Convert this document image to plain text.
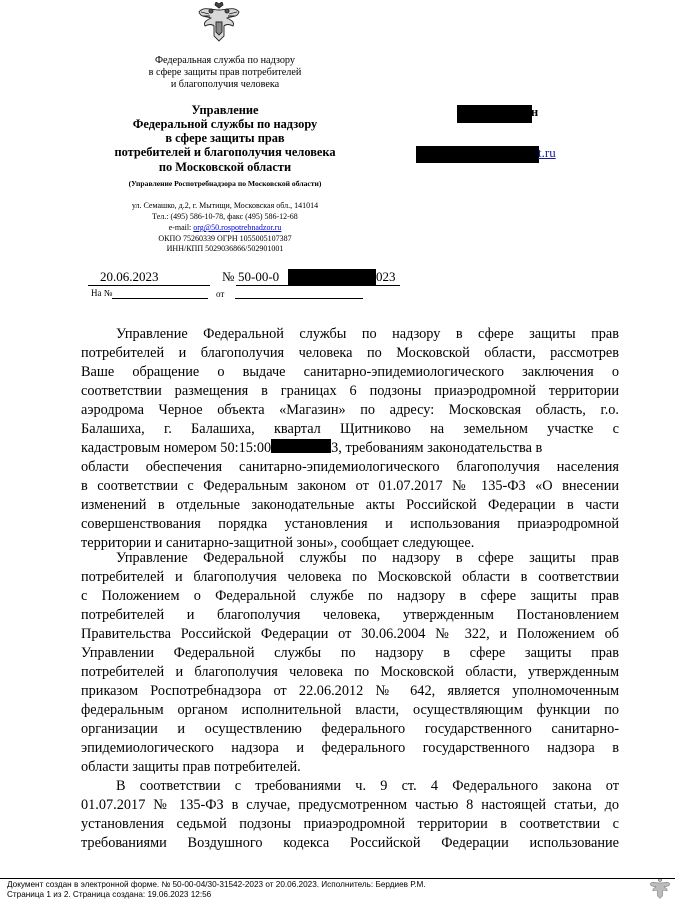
Федеральная служба по надзору
в сфере защиты прав потребителей
и благополучия человека
Управление
Федеральной службы по надзору
в сфере защиты прав
потребителей и благополучия человека
по Московской области
(Управление Роспотребнадзора по Московской области)
ул. Семашко, д.2, г. Мытищи, Московская обл., 141014
Тел.: (495) 586-10-78, факс (495) 586-12-68
e-mail: org@50.rospotrebnadzor.ru
ОКПО 75260339 ОГРН 1055005107387
ИНН/КПП 5029036866/502901001
н
t.ru
20.06.2023	№ 50-00-0	023
На №	от
Управление Федеральной службы по надзору в сфере защиты прав
потребителей и благополучия человека по Московской области, рассмотрев
Ваше обращение о выдаче санитарно-эпидемиологического заключения о
соответствии размещения в границах 6 подзоны приаэродромной территории
аэродрома Черное объекта «Магазин» по адресу: Московская область, г.о.
Балашиха, г. Балашиха, квартал Щитниково на земельном участке с
кадастровым номером 50:15:00	3, требованиям законодательства в
области обеспечения санитарно-эпидемиологического благополучия населения
в соответствии с Федеральным законом от 01.07.2017 № 135-ФЗ «О внесении
изменений в отдельные законодательные акты Российской Федерации в части
совершенствования порядка установления и использования приаэродромной
территории и санитарно-защитной зоны», сообщает следующее.
Управление Федеральной службы по надзору в сфере защиты прав
потребителей и благополучия человека по Московской области в соответствии
с Положением о Федеральной службе по надзору в сфере защиты прав
потребителей и благополучия человека, утвержденным Постановлением
Правительства Российской Федерации от 30.06.2004 № 322, и Положением об
Управлении Федеральной службы по надзору в сфере защиты прав
потребителей и благополучия человека по Московской области, утвержденным
приказом Роспотребнадзора от 22.06.2012 № 642, является уполномоченным
федеральным органом исполнительной власти, осуществляющим функции по
организации и осуществлению федерального государственного санитарно-
эпидемиологического надзора и федерального государственного надзора в
области защиты прав потребителей.
В соответствии с требованиями ч. 9 ст. 4 Федерального закона от
01.07.2017 № 135-ФЗ в случае, предусмотренном частью 8 настоящей статьи, до
установления седьмой подзоны приаэродромной территории в соответствии с
требованиями Воздушного кодекса Российской Федерации использование
Документ создан в электронной форме. № 50-00-04/30-31542-2023 от 20.06.2023. Исполнитель: Бердиев Р.М.
Страница 1 из 2. Страница создана: 19.06.2023 12:56
